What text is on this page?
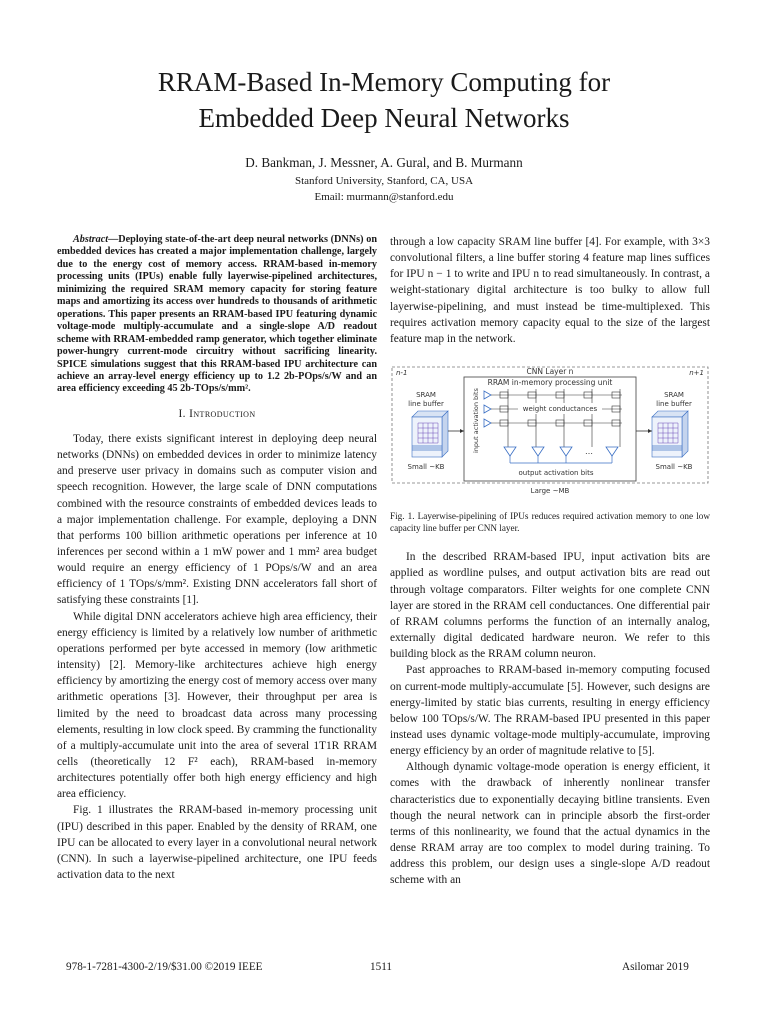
RRAM-Based In-Memory Computing for
Embedded Deep Neural Networks
D. Bankman, J. Messner, A. Gural, and B. Murmann
Stanford University, Stanford, CA, USA
Email: murmann@stanford.edu

Abstract—Deploying state-of-the-art deep neural networks (DNNs) on embedded devices has created a major implementation challenge, largely due to the energy cost of memory access. RRAM-based in-memory processing units (IPUs) enable fully layerwise-pipelined architectures, minimizing the required SRAM memory capacity for storing feature maps and amortizing its access over hundreds to thousands of arithmetic operations. This paper presents an RRAM-based IPU featuring dynamic voltage-mode multiply-accumulate and a single-slope A/D readout scheme with RRAM-embedded ramp generator, which together eliminate power-hungry current-mode circuitry without sacrificing linearity. SPICE simulations suggest that this RRAM-based IPU architecture can achieve an array-level energy efficiency up to 1.2 2b-POps/s/W and an area efficiency exceeding 45 2b-TOps/s/mm².

I. Introduction

Today, there exists significant interest in deploying deep neural networks (DNNs) on embedded devices in order to minimize latency and preserve user privacy in domains such as computer vision and speech recognition. However, the large scale of DNN computations combined with the resource constraints of embedded devices leads to a major implementation challenge. For example, deploying a DNN that performs 100 billion arithmetic operations per inference at 10 inferences per second within a 1 mW power and 1 mm² area budget would require an energy efficiency of 1 POps/s/W and an area efficiency of 1 TOps/s/mm². Existing DNN accelerators fall short of satisfying these constraints [1].

While digital DNN accelerators achieve high area efficiency, their energy efficiency is limited by a relatively low number of arithmetic operations performed per byte accessed in memory (low arithmetic intensity) [2]. Memory-like architectures achieve high energy efficiency by amortizing the energy cost of memory access over many arithmetic operations [3]. However, their throughput per area is limited by the need to broadcast data across many processing elements, resulting in low clock speed. By cramming the functionality of a multiply-accumulate unit into the area of several 1T1R RRAM cells (theoretically 12 F² each), RRAM-based in-memory architectures potentially offer both high energy efficiency and high area efficiency.

Fig. 1 illustrates the RRAM-based in-memory processing unit (IPU) described in this paper. Enabled by the density of RRAM, one IPU can be allocated to every layer in a convolutional neural network (CNN). In such a layerwise-pipelined architecture, one IPU feeds activation data to the next

through a low capacity SRAM line buffer [4]. For example, with 3×3 convolutional filters, a line buffer storing 4 feature map lines suffices for IPU n − 1 to write and IPU n to read simultaneously. In contrast, a weight-stationary digital architecture is too bulky to allow full layerwise-pipelining, and must instead be time-multiplexed. This requires activation memory capacity equal to the size of the largest feature map in the network.

n-1	CNN Layer n	n+1
RRAM in-memory processing unit
SRAM
line buffer
Small ~KB
SRAM
line buffer
Small ~KB
input activation bits	weight conductances
…
output activation bits
Large ~MB

Fig. 1. Layerwise-pipelining of IPUs reduces required activation memory to one low capacity line buffer per CNN layer.

In the described RRAM-based IPU, input activation bits are applied as wordline pulses, and output activation bits are read out through voltage comparators. Filter weights for one complete CNN layer are stored in the RRAM cell conductances. One differential pair of RRAM columns performs the function of an internally analog, externally digital dedicated hardware neuron. We refer to this building block as the RRAM column neuron.

Past approaches to RRAM-based in-memory computing focused on current-mode multiply-accumulate [5]. However, such designs are energy-limited by static bias currents, resulting in energy efficiency below 100 TOps/s/W. The RRAM-based IPU presented in this paper instead uses dynamic voltage-mode multiply-accumulate, improving energy efficiency by an order of magnitude relative to [5].

Although dynamic voltage-mode operation is energy efficient, it comes with the drawback of inherently nonlinear transfer characteristics due to exponentially decaying bitline transients. Even though the neural network can in principle absorb the first-order terms of this nonlinearity, we found that the actual dynamics in the dense RRAM array are too complex to model during training. To address this problem, our design uses a single-slope A/D readout scheme with an

978-1-7281-4300-2/19/$31.00 ©2019 IEEE	1511	Asilomar 2019
